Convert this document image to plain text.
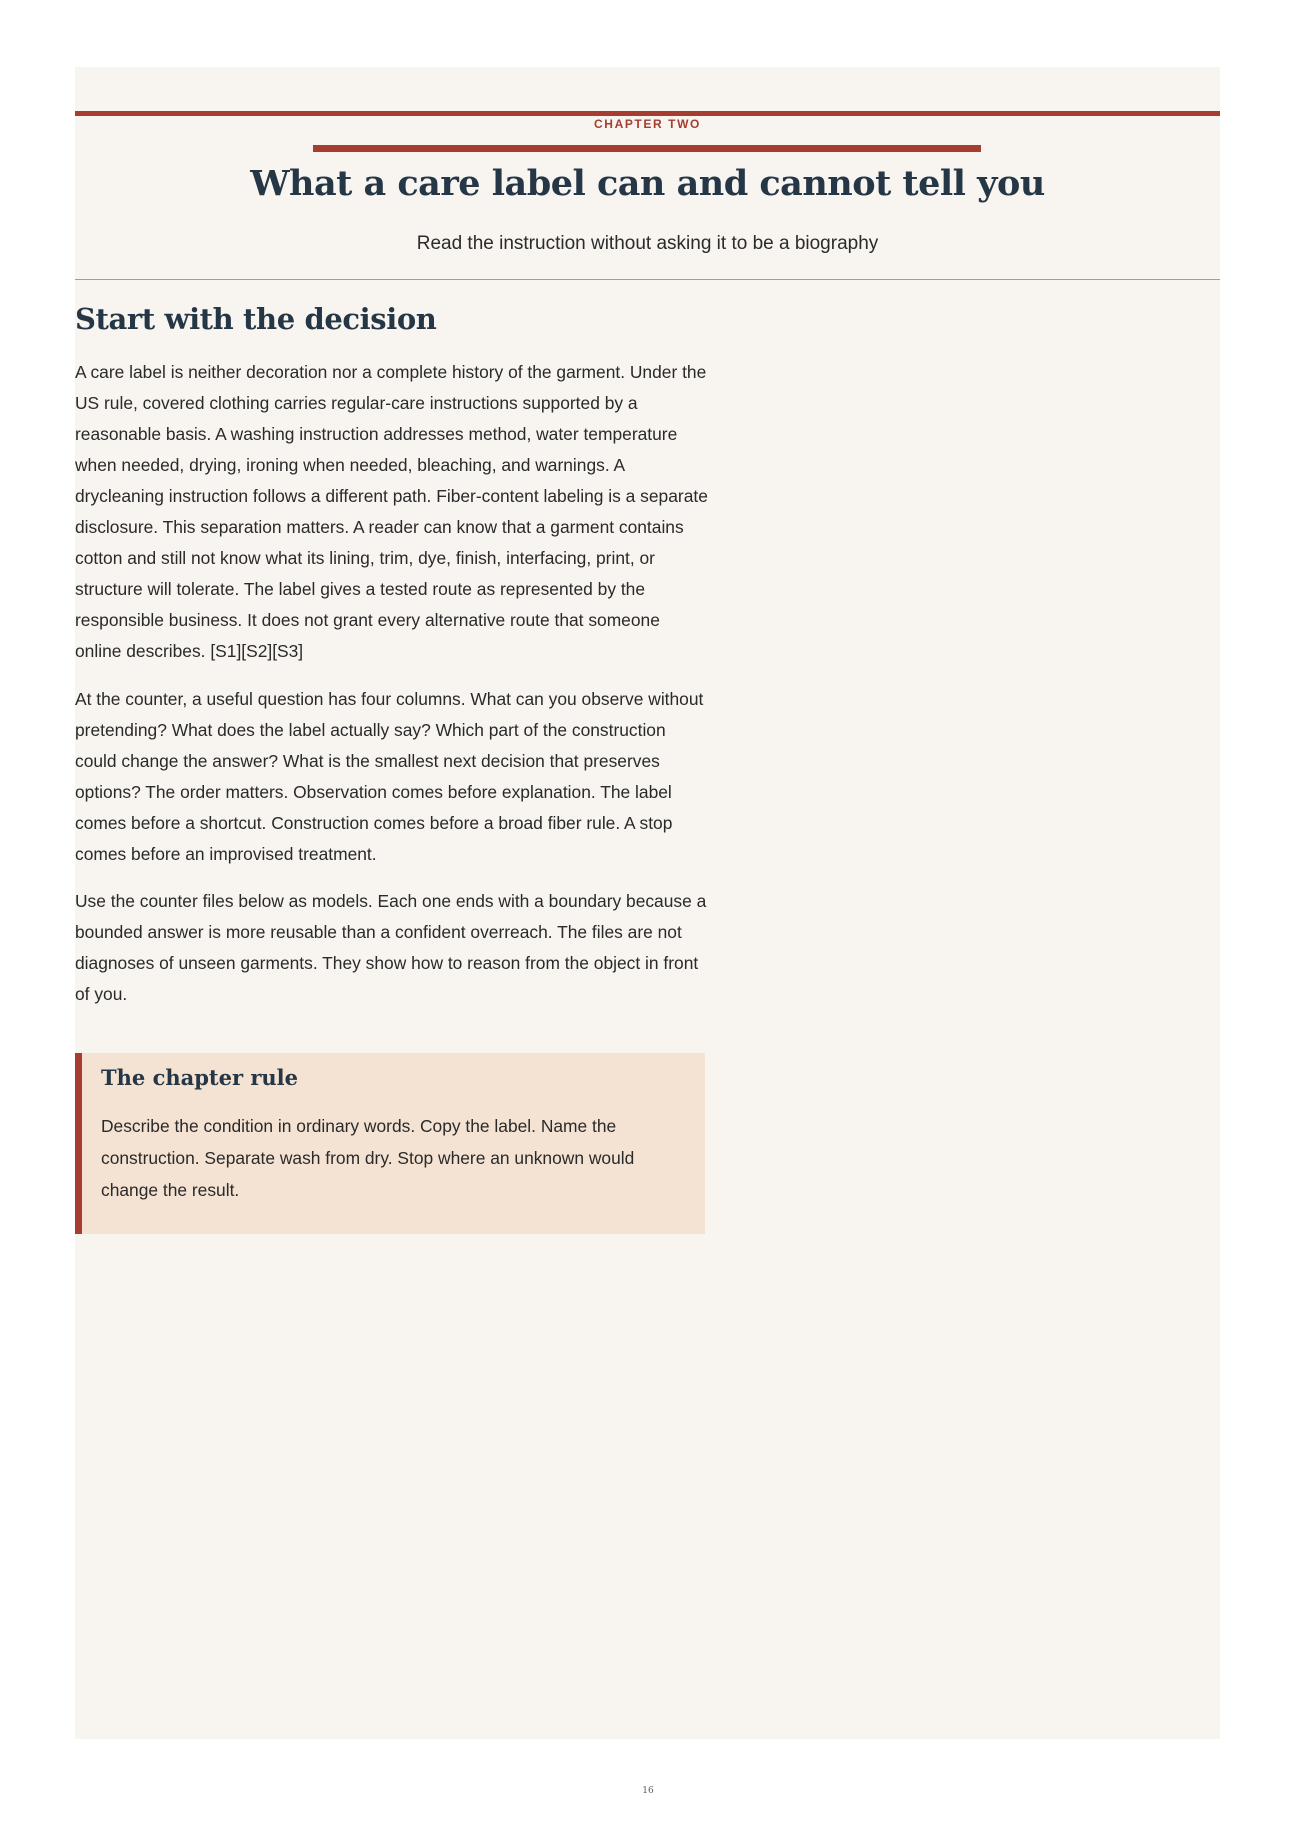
CHAPTER TWO
What a care label can and cannot tell you
Read the instruction without asking it to be a biography
Start with the decision

A care label is neither decoration nor a complete history of the garment. Under the US rule, covered clothing carries regular-care instructions supported by a reasonable basis. A washing instruction addresses method, water temperature when needed, drying, ironing when needed, bleaching, and warnings. A drycleaning instruction follows a different path. Fiber-content labeling is a separate disclosure. This separation matters. A reader can know that a garment contains cotton and still not know what its lining, trim, dye, finish, interfacing, print, or structure will tolerate. The label gives a tested route as represented by the responsible business. It does not grant every alternative route that someone online describes. [S1][S2][S3]

At the counter, a useful question has four columns. What can you observe without pretending? What does the label actually say? Which part of the construction could change the answer? What is the smallest next decision that preserves options? The order matters. Observation comes before explanation. The label comes before a shortcut. Construction comes before a broad fiber rule. A stop comes before an improvised treatment.

Use the counter files below as models. Each one ends with a boundary because a bounded answer is more reusable than a confident overreach. The files are not diagnoses of unseen garments. They show how to reason from the object in front of you.

The chapter rule

Describe the condition in ordinary words. Copy the label. Name the construction. Separate wash from dry. Stop where an unknown would change the result.

16
